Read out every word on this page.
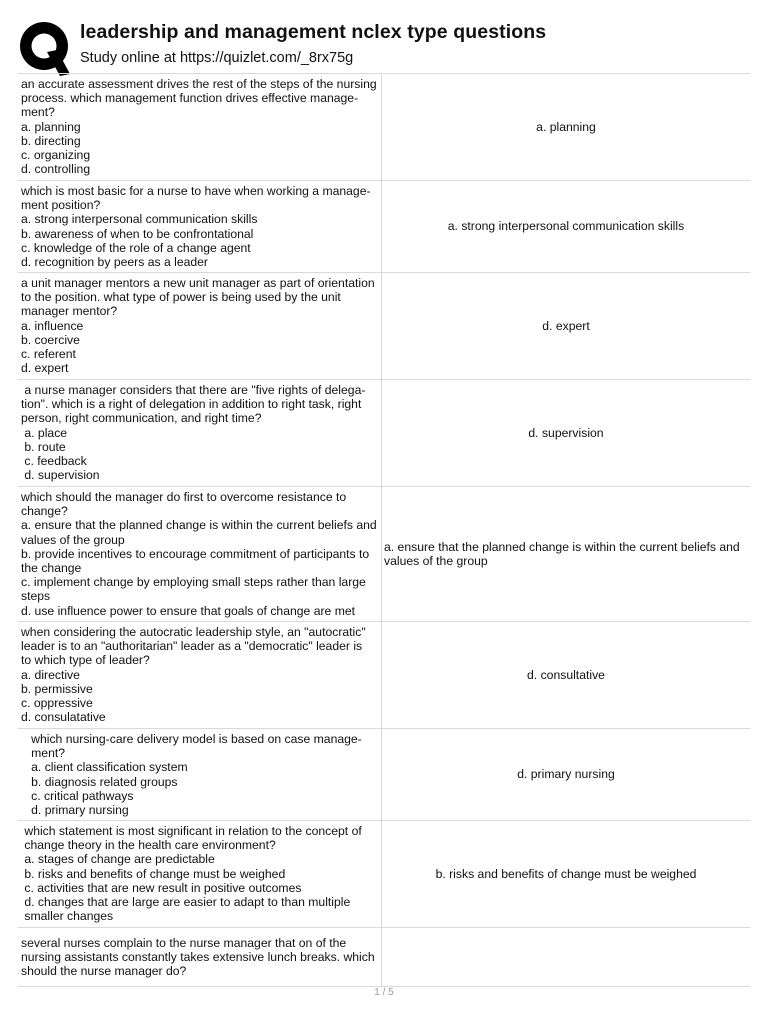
leadership and management nclex type questions
Study online at https://quizlet.com/_8rx75g
an accurate assessment drives the rest of the steps of the nursing
process. which management function drives effective manage-
ment?
a. planning
b. directing
c. organizing
d. controlling
a. planning
which is most basic for a nurse to have when working a manage-
ment position?
a. strong interpersonal communication skills
b. awareness of when to be confrontational
c. knowledge of the role of a change agent
d. recognition by peers as a leader
a. strong interpersonal communication skills
a unit manager mentors a new unit manager as part of orientation
to the position. what type of power is being used by the unit
manager mentor?
a. influence
b. coercive
c. referent
d. expert
d. expert
a nurse manager considers that there are "five rights of delega-
tion". which is a right of delegation in addition to right task, right
person, right communication, and right time?
a. place
b. route
c. feedback
d. supervision
d. supervision
which should the manager do first to overcome resistance to
change?
a. ensure that the planned change is within the current beliefs and
values of the group
b. provide incentives to encourage commitment of participants to
the change
c. implement change by employing small steps rather than large
steps
d. use influence power to ensure that goals of change are met
a. ensure that the planned change is within the current beliefs and values of the group
when considering the autocratic leadership style, an "autocratic"
leader is to an "authoritarian" leader as a "democratic" leader is
to which type of leader?
a. directive
b. permissive
c. oppressive
d. consulatative
d. consultative
which nursing-care delivery model is based on case manage-
ment?
a. client classification system
b. diagnosis related groups
c. critical pathways
d. primary nursing
d. primary nursing
which statement is most significant in relation to the concept of
change theory in the health care environment?
a. stages of change are predictable
b. risks and benefits of change must be weighed
c. activities that are new result in positive outcomes
d. changes that are large are easier to adapt to than multiple
smaller changes
b. risks and benefits of change must be weighed
several nurses complain to the nurse manager that on of the
nursing assistants constantly takes extensive lunch breaks. which
should the nurse manager do?
1 / 5
